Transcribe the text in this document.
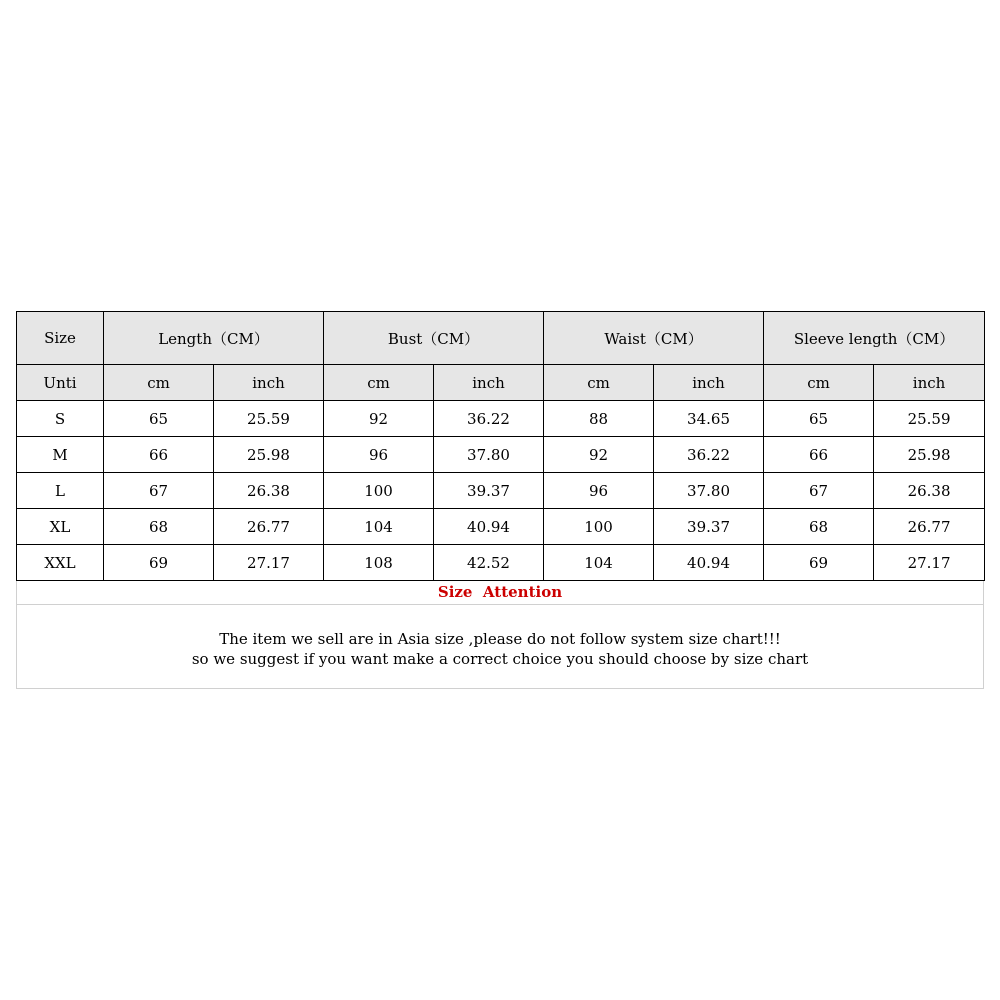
Size	Length（CM）		Bust（CM）		Waist（CM）		Sleeve length（CM）	
Unti	cm	inch	cm	inch	cm	inch	cm	inch
S	65	25.59	92	36.22	88	34.65	65	25.59
M	66	25.98	96	37.80	92	36.22	66	25.98
L	67	26.38	100	39.37	96	37.80	67	26.38
XL	68	26.77	104	40.94	100	39.37	68	26.77
XXL	69	27.17	108	42.52	104	40.94	69	27.17
Size  Attention
The item we sell are in Asia size ,please do not follow system size chart!!!
so we suggest if you want make a correct choice you should choose by size chart
